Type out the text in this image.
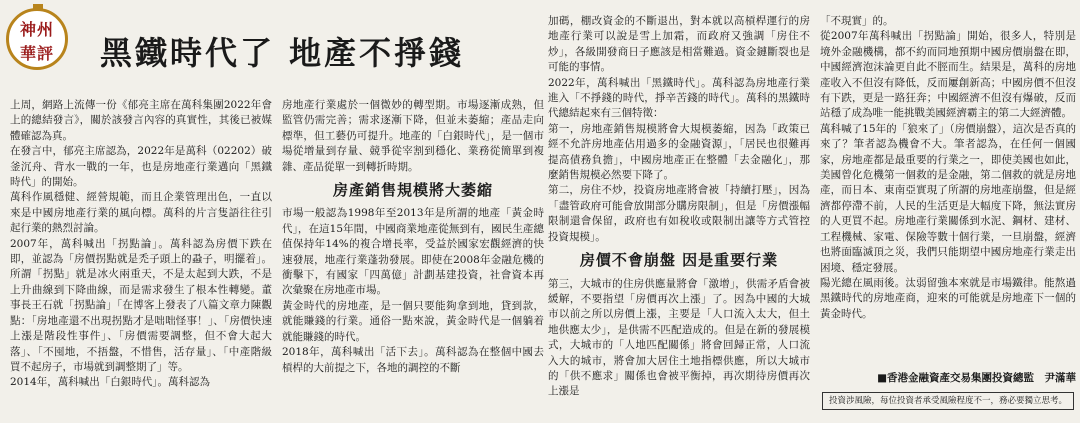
神州
華評	黑鐵時代了 地產不掙錢

上周，網路上流傳一份《郁亮主席在萬科集團2022年會上的總結發言》，關於該發言內容的真實性，其後已被媒體確認為真。

在發言中，郁亮主席認為，2022年是萬科（02202）破釜沉舟、背水一戰的一年，也是房地產行業邁向「黑鐵時代」的開始。

萬科作風穩健、經營規範，而且企業管理出色，一直以來是中國房地產行業的風向標。萬科的片言隻語往往引起行業的熱烈討論。

2007年，萬科喊出「拐點論」。萬科認為房價下跌在即，並認為「房價拐點就是禿子頭上的蝨子，明擺着」。所謂「拐點」就是冰火兩重天，不是太起到大跌，不是上升曲線到下降曲線，而是需求發生了根本性轉變。董事長王石就「拐點論」「在博客上發表了八篇文章力陳觀點：「房地產還不出現拐點才是咄咄怪事！」、「房價快速上漲是階段性事件」、「房價需要調整，但不會大起大落」、「不囤地，不捂盤，不惜售，活存量」、「中產階級買不起房子，市場就到調整期了」等。

2014年，萬科喊出「白銀時代」。萬科認為

房地產行業處於一個微妙的轉型期。市場逐漸成熟，但監管仍需完善；需求逐漸下降，但並未萎縮；產品走向標準，但工藝仍可提升。地產的「白銀時代」，是一個市場從增量到存量、競爭從宰割到穩化、業務從簡單到複雜、產品從單一到轉折時期。

房產銷售規模將大萎縮

市場一般認為1998年至2013年是所謂的地產「黃金時代」，在這15年間，中國商業地產從無到有，國民生產總值保持年14%的複合增長率，受益於國家宏觀經濟的快速發展，地產行業蓬勃發展。即使在2008年金融危機的衝擊下，有國家「四萬億」計劃基建投資，社會資本再次彙聚在房地產市場。

黃金時代的房地產，是一個只要能夠拿到地，貸到款，就能賺錢的行業。通俗一點來說，黃金時代是一個躺着就能賺錢的時代。

2018年，萬科喊出「活下去」。萬科認為在整個中國去槓桿的大前提之下，各地的調控的不斷

加碼，棚改資金的不斷退出，對本就以高槓桿運行的房地產行業可以說是雪上加霜，而政府又強調「房住不炒」，各級開發商日子應該是相當難過。資金鏈斷裂也是可能的事情。

2022年，萬科喊出「黑鐵時代」。萬科認為房地產行業進入「不掙錢的時代，掙辛苦錢的時代」。萬科的黑鐵時代總結起來有三個特徵：

第一，房地產銷售規模將會大規模萎縮，因為「政策已經不允許房地產佔用過多的金融資源」，「居民也很難再提高債務負擔」，中國房地產正在整體「去金融化」，那麼銷售規模必然要下降了。

第二，房住不炒，投資房地產將會被「持續打壓」，因為「盡管政府可能會放開部分購房限制」，但是「房價漲幅限制還會保留，政府也有如稅收或限制出讓等方式管控投資規模」。

房價不會崩盤 因是重要行業

第三，大城市的住房供應量將會「激增」，供需矛盾會被緩解，不要指望「房價再次上漲」了。因為中國的大城市以前之所以房價上漲，主要是「人口流入太大，但土地供應太少」，是供需不匹配造成的。但是在新的發展模式，大城市的「人地匹配關係」將會回歸正常，人口流入大的城市，將會加大居住土地指標供應，所以大城市的「供不應求」關係也會被平衡掉，再次期待房價再次上漲是

「不現實」的。

從2007年萬科喊出「拐點論」開始，很多人，特別是境外金融機構，都不約而同地預期中國房價崩盤在即，中國經濟泡沫論更自此不脛而生。結果是，萬科的房地產收入不但沒有降低，反而屢創新高；中國房價不但沒有下跌，更是一路狂奔；中國經濟不但沒有爆破，反而站穩了成為唯一能挑戰美國經濟霸主的第二大經濟體。

萬科喊了15年的「狼來了」（房價崩盤），這次是否真的來了？筆者認為機會不大。筆者認為，在任何一個國家，房地產都是最重要的行業之一，即使美國也如此，美國曾化危機第一個救的是金融，第二個救的就是房地產，而日本、東南亞實現了所謂的房地產崩盤，但是經濟都停滯不前，人民的生活更是大幅度下降，無法實房的人更買不起。房地產行業關係到水泥、鋼材、建材、工程機械、家電、保險等數十個行業，一旦崩盤，經濟也將面臨滅頂之災，我們只能期望中國房地產行業走出困境、穩定發展。

陽光總在風雨後。汰弱留強本來就是市場鐵律。能熬過黑鐵時代的房地產商，迎來的可能就是房地產下一個的黃金時代。

■香港金融資產交易集團投資總監　尹滿華
投資涉風險，每位投資者承受風險程度不一，務必要獨立思考。
